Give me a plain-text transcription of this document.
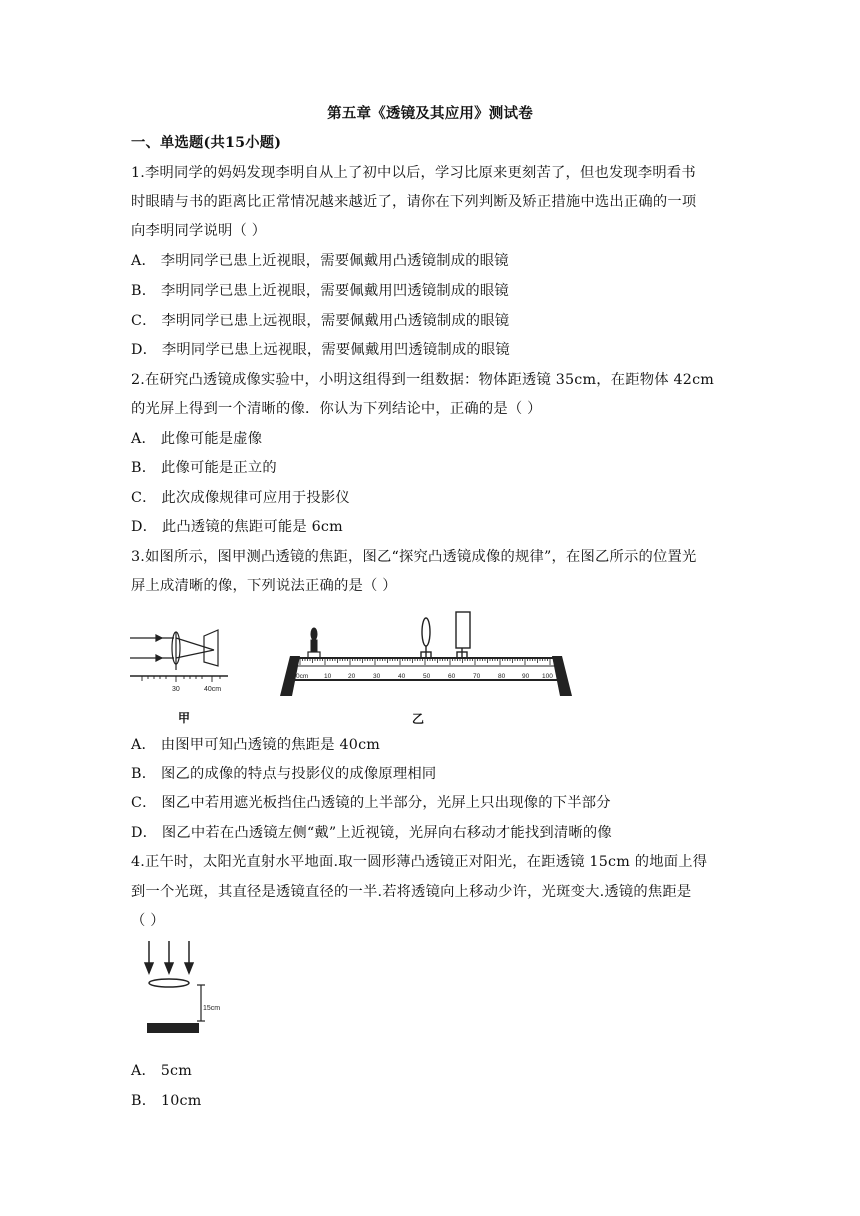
第五章《透镜及其应用》测试卷
一、单选题(共15小题)
1.李明同学的妈妈发现李明自从上了初中以后，学习比原来更刻苦了，但也发现李明看书
时眼睛与书的距离比正常情况越来越近了，请你在下列判断及矫正措施中选出正确的一项
向李明同学说明（ ）
A． 李明同学已患上近视眼，需要佩戴用凸透镜制成的眼镜
B． 李明同学已患上近视眼，需要佩戴用凹透镜制成的眼镜
C． 李明同学已患上远视眼，需要佩戴用凸透镜制成的眼镜
D． 李明同学已患上远视眼，需要佩戴用凹透镜制成的眼镜
2.在研究凸透镜成像实验中，小明这组得到一组数据：物体距透镜 35cm，在距物体 42cm
的光屏上得到一个清晰的像．你认为下列结论中，正确的是（ ）
A． 此像可能是虚像
B． 此像可能是正立的
C． 此次成像规律可应用于投影仪
D． 此凸透镜的焦距可能是 6cm
3.如图所示，图甲测凸透镜的焦距，图乙“探究凸透镜成像的规律”，在图乙所示的位置光
屏上成清晰的像，下列说法正确的是（ ）
30	40cm
甲
0cm 10	20	30	40	50	60	70	80	90 100
乙
A． 由图甲可知凸透镜的焦距是 40cm
B． 图乙的成像的特点与投影仪的成像原理相同
C． 图乙中若用遮光板挡住凸透镜的上半部分，光屏上只出现像的下半部分
D． 图乙中若在凸透镜左侧“戴”上近视镜，光屏向右移动才能找到清晰的像
4.正午时，太阳光直射水平地面.取一圆形薄凸透镜正对阳光，在距透镜 15cm 的地面上得
到一个光斑，其直径是透镜直径的一半.若将透镜向上移动少许，光斑变大.透镜的焦距是
（ ）
15cm
A． 5cm
B． 10cm
